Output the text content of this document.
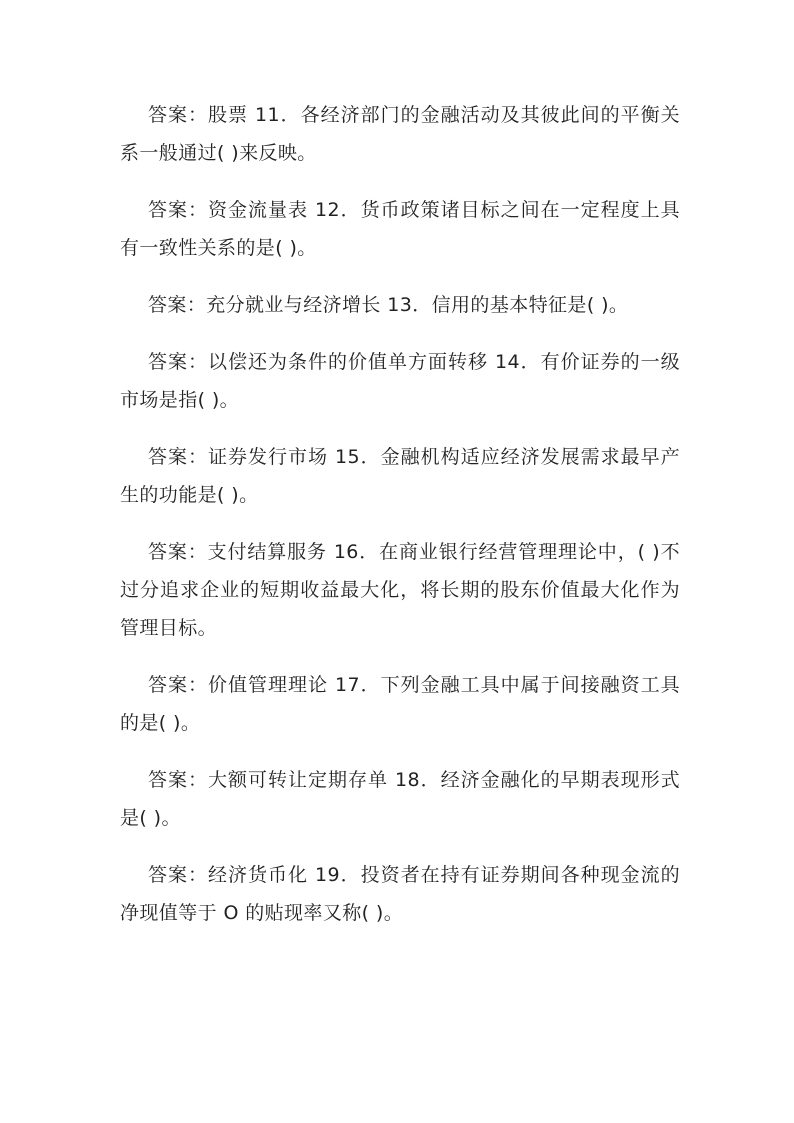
答案：股票 11．各经济部门的金融活动及其彼此间的平衡关系一般通过( )来反映。

答案：资金流量表 12．货币政策诸目标之间在一定程度上具有一致性关系的是( )。

答案：充分就业与经济增长 13．信用的基本特征是( )。

答案：以偿还为条件的价值单方面转移 14．有价证券的一级市场是指( )。

答案：证券发行市场 15．金融机构适应经济发展需求最早产生的功能是( )。

答案：支付结算服务 16．在商业银行经营管理理论中，( )不过分追求企业的短期收益最大化，将长期的股东价值最大化作为管理目标。

答案：价值管理理论 17．下列金融工具中属于间接融资工具的是( )。

答案：大额可转让定期存单 18．经济金融化的早期表现形式是( )。

答案：经济货币化 19．投资者在持有证券期间各种现金流的净现值等于 O 的贴现率又称( )。
